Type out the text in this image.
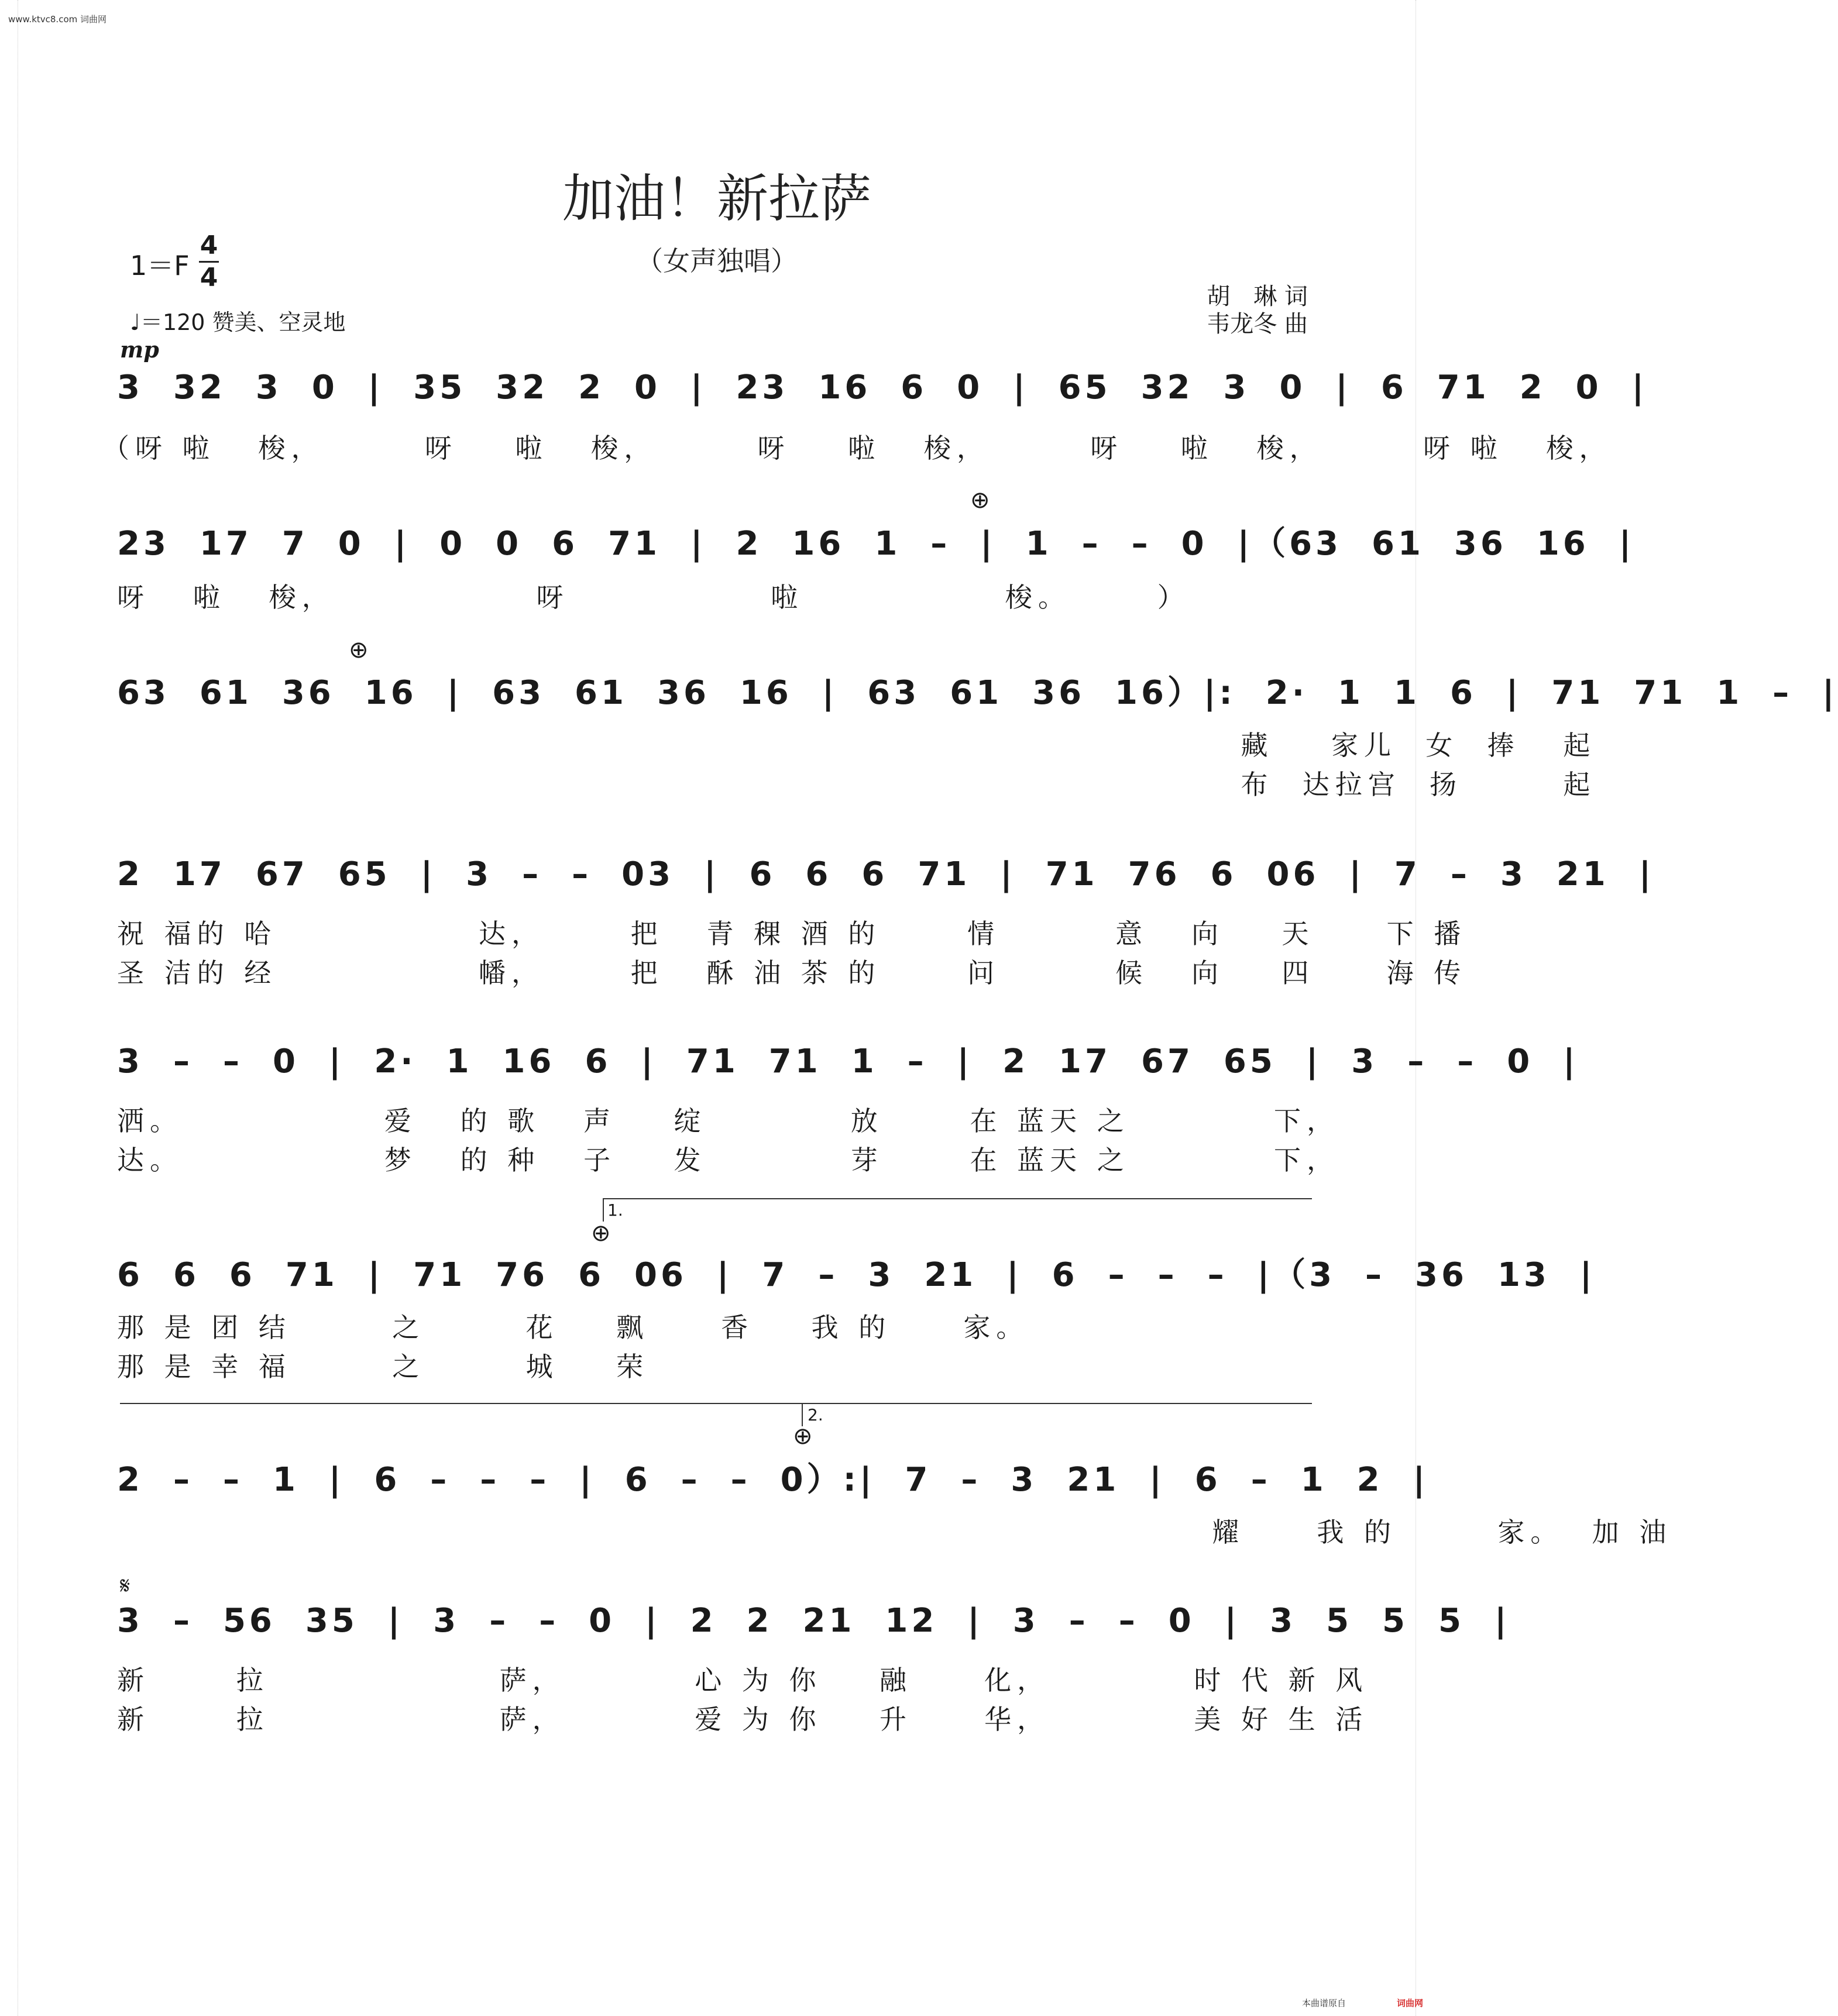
www.ktvc8.com 词曲网
加油！新拉萨
（女声独唱）
1＝F
4
4
♩＝120 赞美、空灵地
胡　琳 词
韦龙冬 曲
mp
3  32  3  0  |  35  32  2  0  |  23  16  6  0  |  65  32  3  0  |  6  71  2  0  |
（呀 啦   梭，       呀    啦   梭，       呀    啦   梭，       呀    啦   梭，       呀 啦   梭，
⊕
23  17  7  0  |  0  0  6  71  |  2  16  1  –  |  1  –  –  0  |（63  61  36  16  |
呀   啦   梭，              呀              啦              梭。      ）
⊕
63  61  36  16  |  63  61  36  16  |  63  61  36  16）|:  2·  1  1  6  |  71  71  1  –  |
藏    家儿  女  捧   起
布  达拉宫  扬       起
2  17  67  65  |  3  –  –  03  |  6  6  6  71  |  71  76  6  06  |  7  –  3  21  |
祝 福的 哈              达，      把   青 稞 酒 的      情        意   向    天     下 播
圣 洁的 经              幡，      把   酥 油 茶 的      问        候   向    四     海 传
3  –  –  0  |  2·  1  16  6  |  71  71  1  –  |  2  17  67  65  |  3  –  –  0  |
洒。              爱   的 歌   声    绽          放      在 蓝天 之          下，
达。              梦   的 种   子    发          芽      在 蓝天 之          下，
1.
⊕
6  6  6  71  |  71  76  6  06  |  7  –  3  21  |  6  –  –  –  |（3  –  36  13  |
那 是 团 结       之       花    飘     香    我 的     家。
那 是 幸 福       之       城    荣
2.
⊕
2  –  –  1  |  6  –  –  –  |  6  –  –  0）:|  7  –  3  21  |  6  –  1  2  |
耀     我 的       家。  加 油
𝄋
3  –  56  35  |  3  –  –  0  |  2  2  21  12  |  3  –  –  0  |  3  5  5  5  |
新      拉                萨，         心 为 你    融     化，          时 代 新 风
新      拉                萨，         爱 为 你    升     华，          美 好 生 活
本曲谱原自	词曲网
